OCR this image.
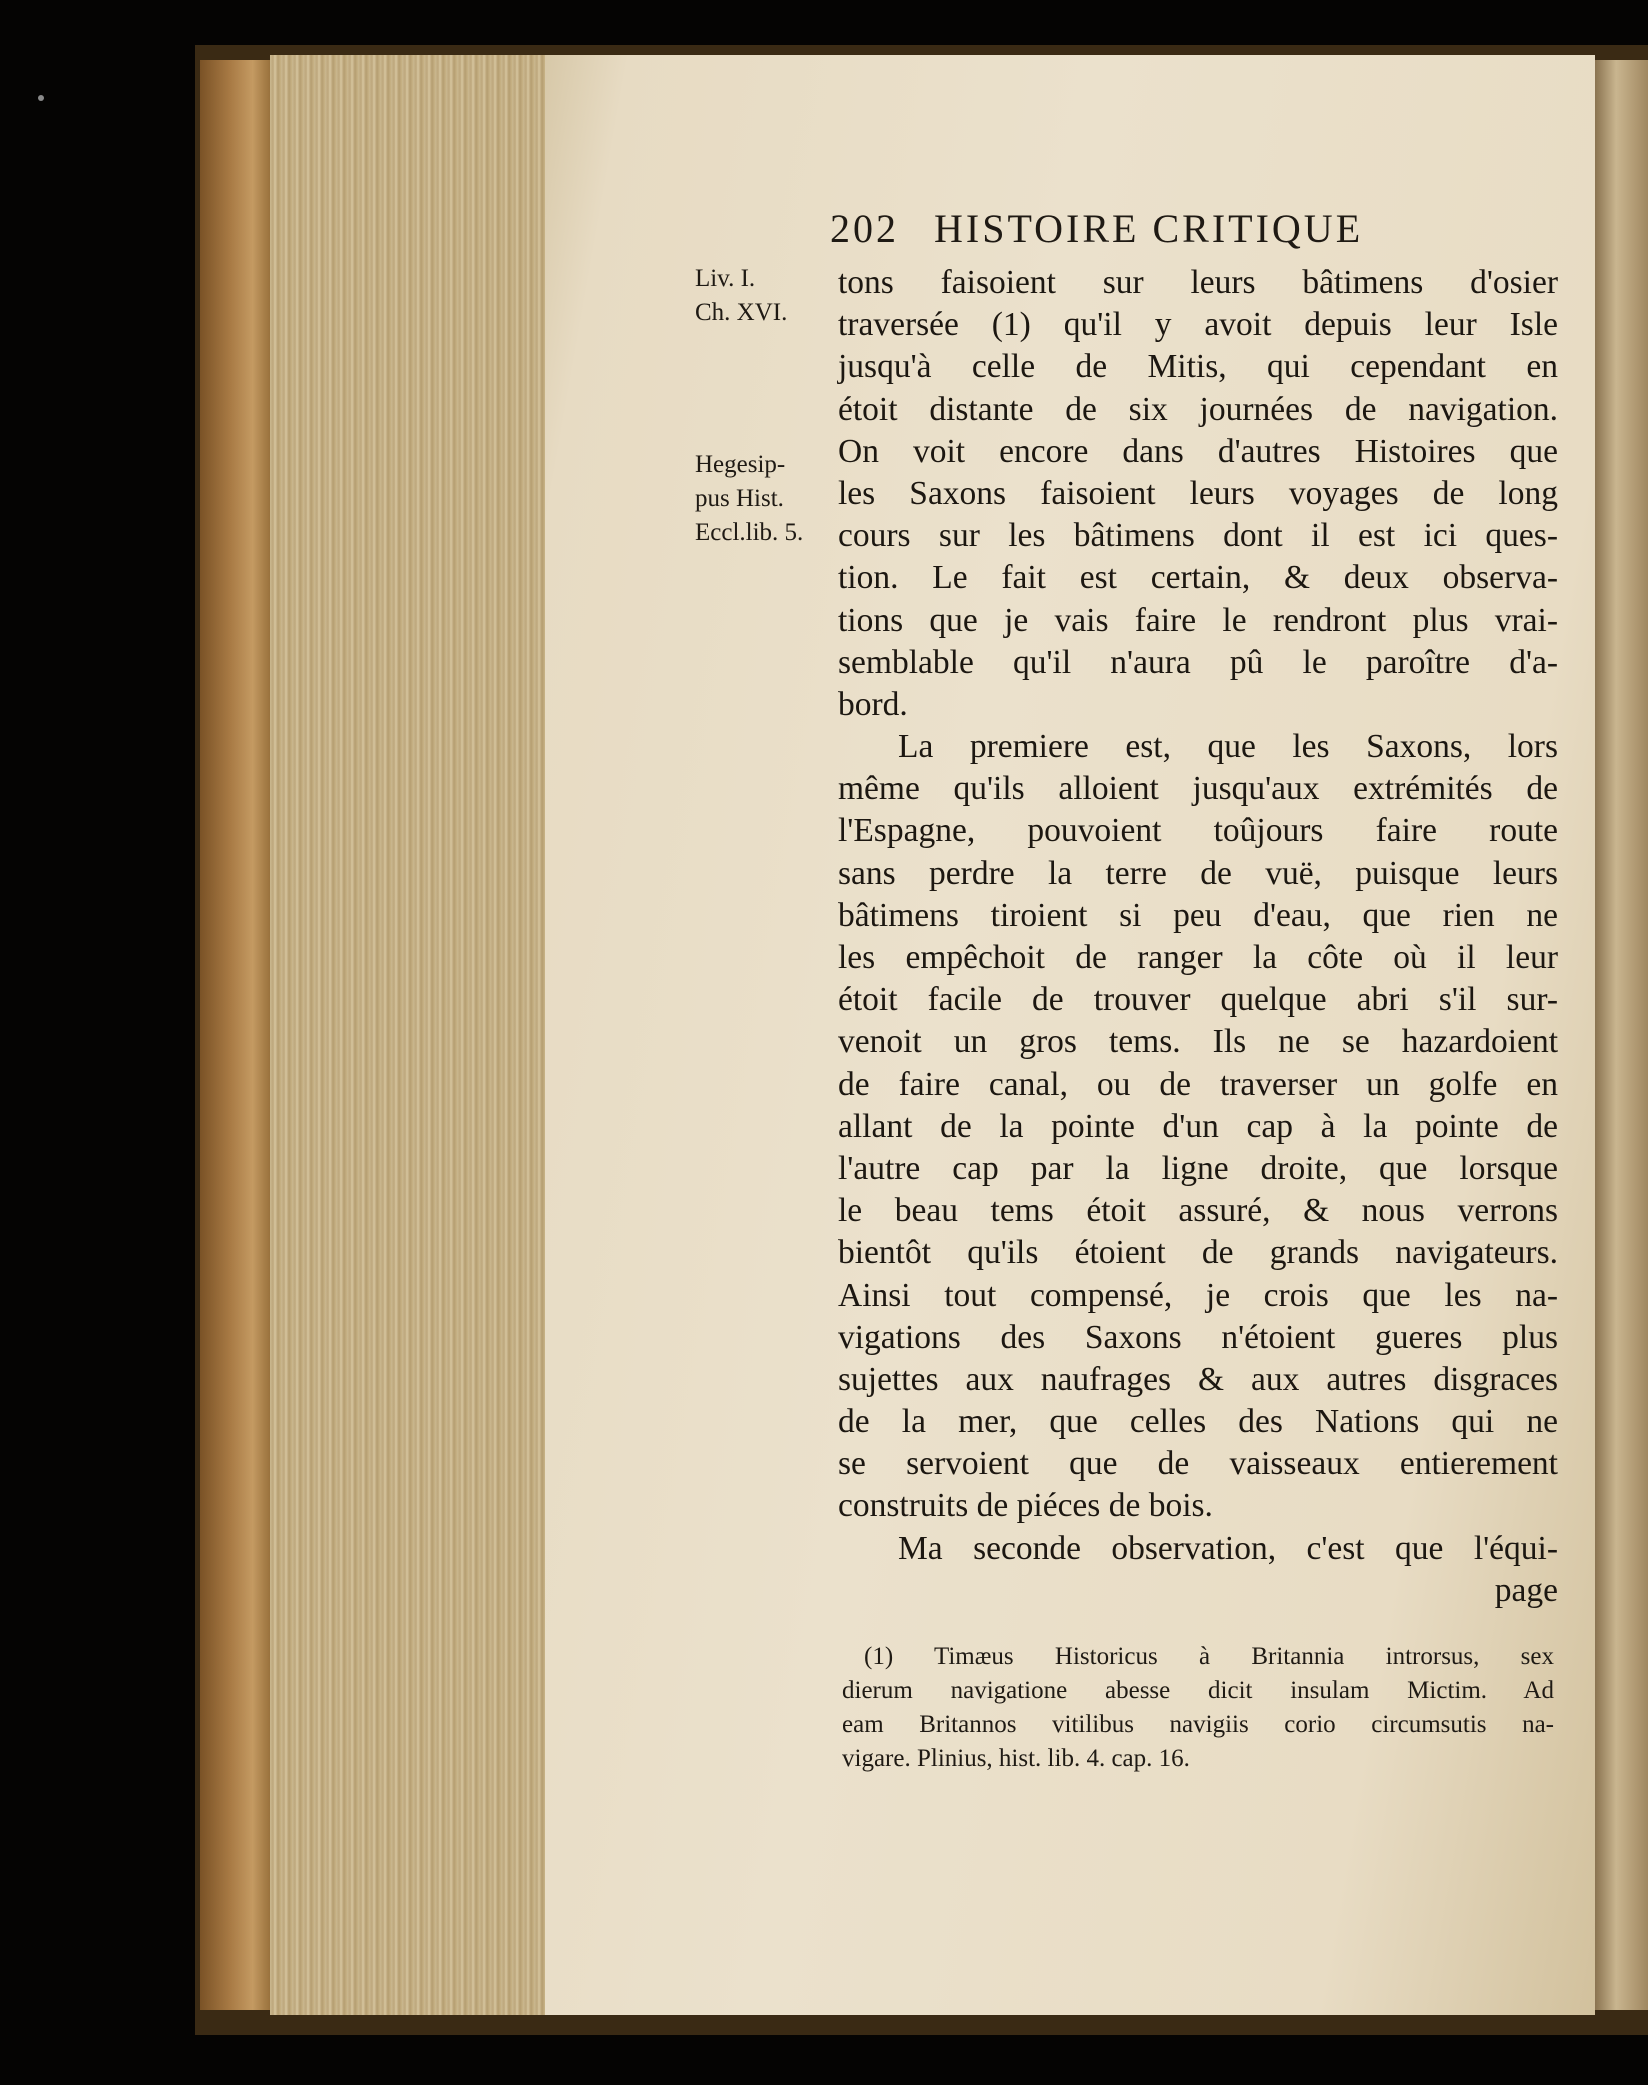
202 HISTOIRE CRITIQUE
Liv. I.
Ch. XVI.
Hegesip-
pus Hist.
Eccl.lib. 5.
tons faisoient sur leurs bâtimens d'osier
traversée (1) qu'il y avoit depuis leur Isle
jusqu'à celle de Mitis, qui cependant en
étoit distante de six journées de navigation.
On voit encore dans d'autres Histoires que
les Saxons faisoient leurs voyages de long
cours sur les bâtimens dont il est ici ques-
tion. Le fait est certain, & deux observa-
tions que je vais faire le rendront plus vrai-
semblable qu'il n'aura pû le paroître d'a-
bord.
La premiere est, que les Saxons, lors
même qu'ils alloient jusqu'aux extrémités de
l'Espagne, pouvoient toûjours faire route
sans perdre la terre de vuë, puisque leurs
bâtimens tiroient si peu d'eau, que rien ne
les empêchoit de ranger la côte où il leur
étoit facile de trouver quelque abri s'il sur-
venoit un gros tems. Ils ne se hazardoient
de faire canal, ou de traverser un golfe en
allant de la pointe d'un cap à la pointe de
l'autre cap par la ligne droite, que lorsque
le beau tems étoit assuré, & nous verrons
bientôt qu'ils étoient de grands navigateurs.
Ainsi tout compensé, je crois que les na-
vigations des Saxons n'étoient gueres plus
sujettes aux naufrages & aux autres disgraces
de la mer, que celles des Nations qui ne
se servoient que de vaisseaux entierement
construits de piéces de bois.
Ma seconde observation, c'est que l'équi-
page
(1) Timæus Historicus à Britannia introrsus, sex
dierum navigatione abesse dicit insulam Mictim. Ad
eam Britannos vitilibus navigiis corio circumsutis na-
vigare. Plinius, hist. lib. 4. cap. 16.
